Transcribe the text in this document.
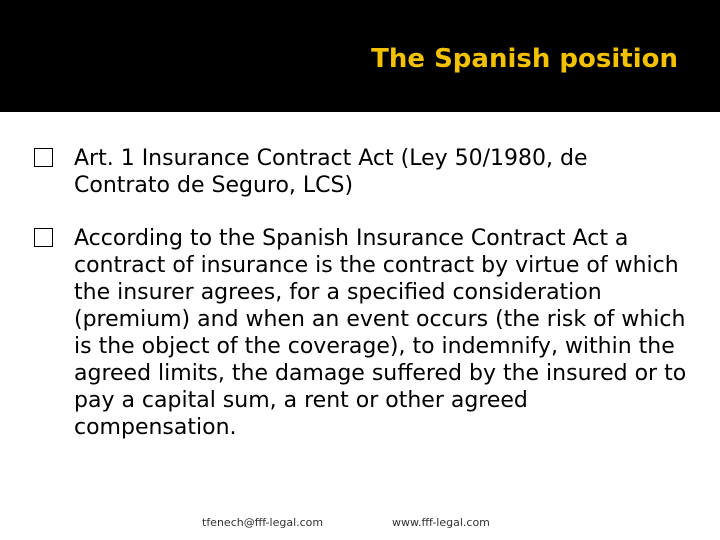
The Spanish position
Art. 1 Insurance Contract Act (Ley 50/1980, de Contrato de Seguro, LCS)
According to the Spanish Insurance Contract Act a contract of insurance is the contract by virtue of which the insurer agrees, for a specified consideration (premium) and when an event occurs (the risk of which is the object of the coverage), to indemnify, within the agreed limits, the damage suffered by the insured or to pay a capital sum, a rent or other agreed compensation.
tfenech@fff-legal.com	www.fff-legal.com
